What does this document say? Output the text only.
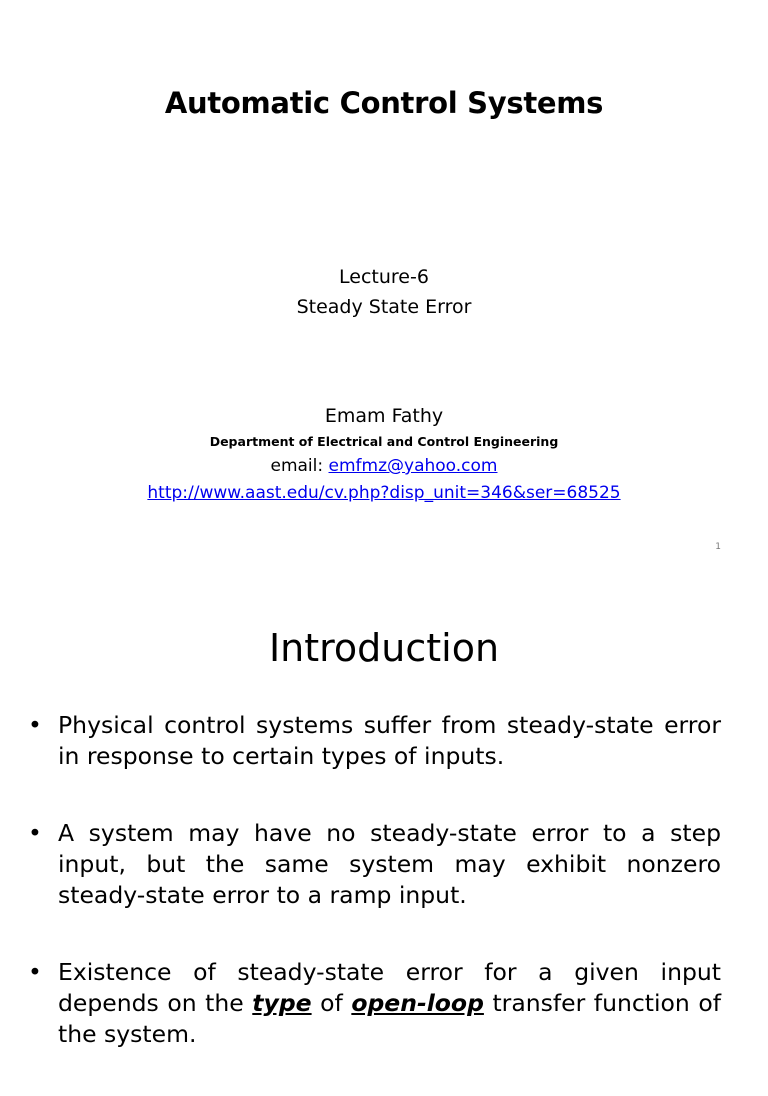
Automatic Control Systems
Lecture-6
Steady State Error
Emam Fathy
Department of Electrical and Control Engineering
email: emfmz@yahoo.com
http://www.aast.edu/cv.php?disp_unit=346&ser=68525
1
Introduction
• Physical control systems suffer from steady-state error in response to certain types of inputs.
• A system may have no steady-state error to a step input, but the same system may exhibit nonzero steady-state error to a ramp input.
• Existence of steady-state error for a given input depends on the type of open-loop transfer function of the system.
